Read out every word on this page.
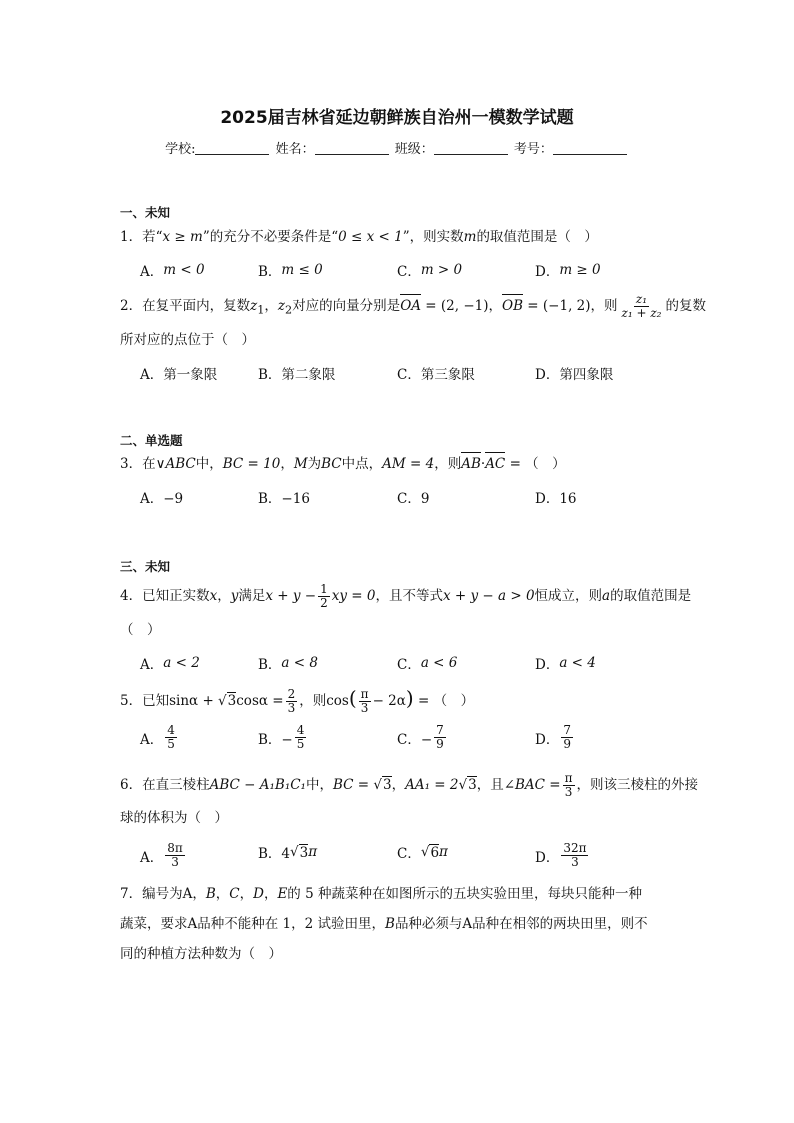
2025届吉林省延边朝鲜族自治州一模数学试题
学校:	姓名：	班级：	考号：
一、未知
1．若“x ≥ m”的充分不必要条件是“0 ≤ x < 1”，则实数m的取值范围是（　）
A． m < 0	B． m ≤ 0	C． m > 0	D． m ≥ 0
2．在复平面内，复数$z_1$，$z_2$对应的向量分别是OA = (2, −1)，OB = (−1, 2)，则 $\frac{\text{z₁}}{\text{z₁ + z₂}}$ 的复数
所对应的点位于（　）
A．第一象限	B．第二象限	C．第三象限	D．第四象限
二、单选题
3．在∨ABC中，BC = 10，M为BC中点，AM = 4，则AB·AC = （　）
A．−9	B．−16	C．9	D．16
三、未知
4．已知正实数x，y满足$x + y - \frac{1}{2}$ xy = 0，且不等式x + y − a > 0恒成立，则a的取值范围是
（　）
A． a < 2	B． a < 8	C． a < 6	D． a < 4
5．已知$\sin\alpha + √3\cos\alpha = \frac{2}{3}$ ，则$\cos( \frac{\pi}{3} - 2\alpha)$ = （　）
A． $\frac{4}{5}$	B．− $\frac{4}{5}$	C．− $\frac{7}{9}$	D． $\frac{7}{9}$
6．在直三棱柱ABC − A₁B₁C₁中，BC = √3，AA₁ = 2√3，且∠BAC = $\frac{\pi}{3}$ ，则该三棱柱的外接
球的体积为（　）
A． $\frac{8\pi}{3}$	B．4 √ 3 π	C． √ 6 π	D． $\frac{32\pi}{3}$
7．编号为A，B，C，D，E的 5 种蔬菜种在如图所示的五块实验田里，每块只能种一种
蔬菜，要求A品种不能种在 1，2 试验田里，B品种必须与A品种在相邻的两块田里，则不
同的种植方法种数为（　）
